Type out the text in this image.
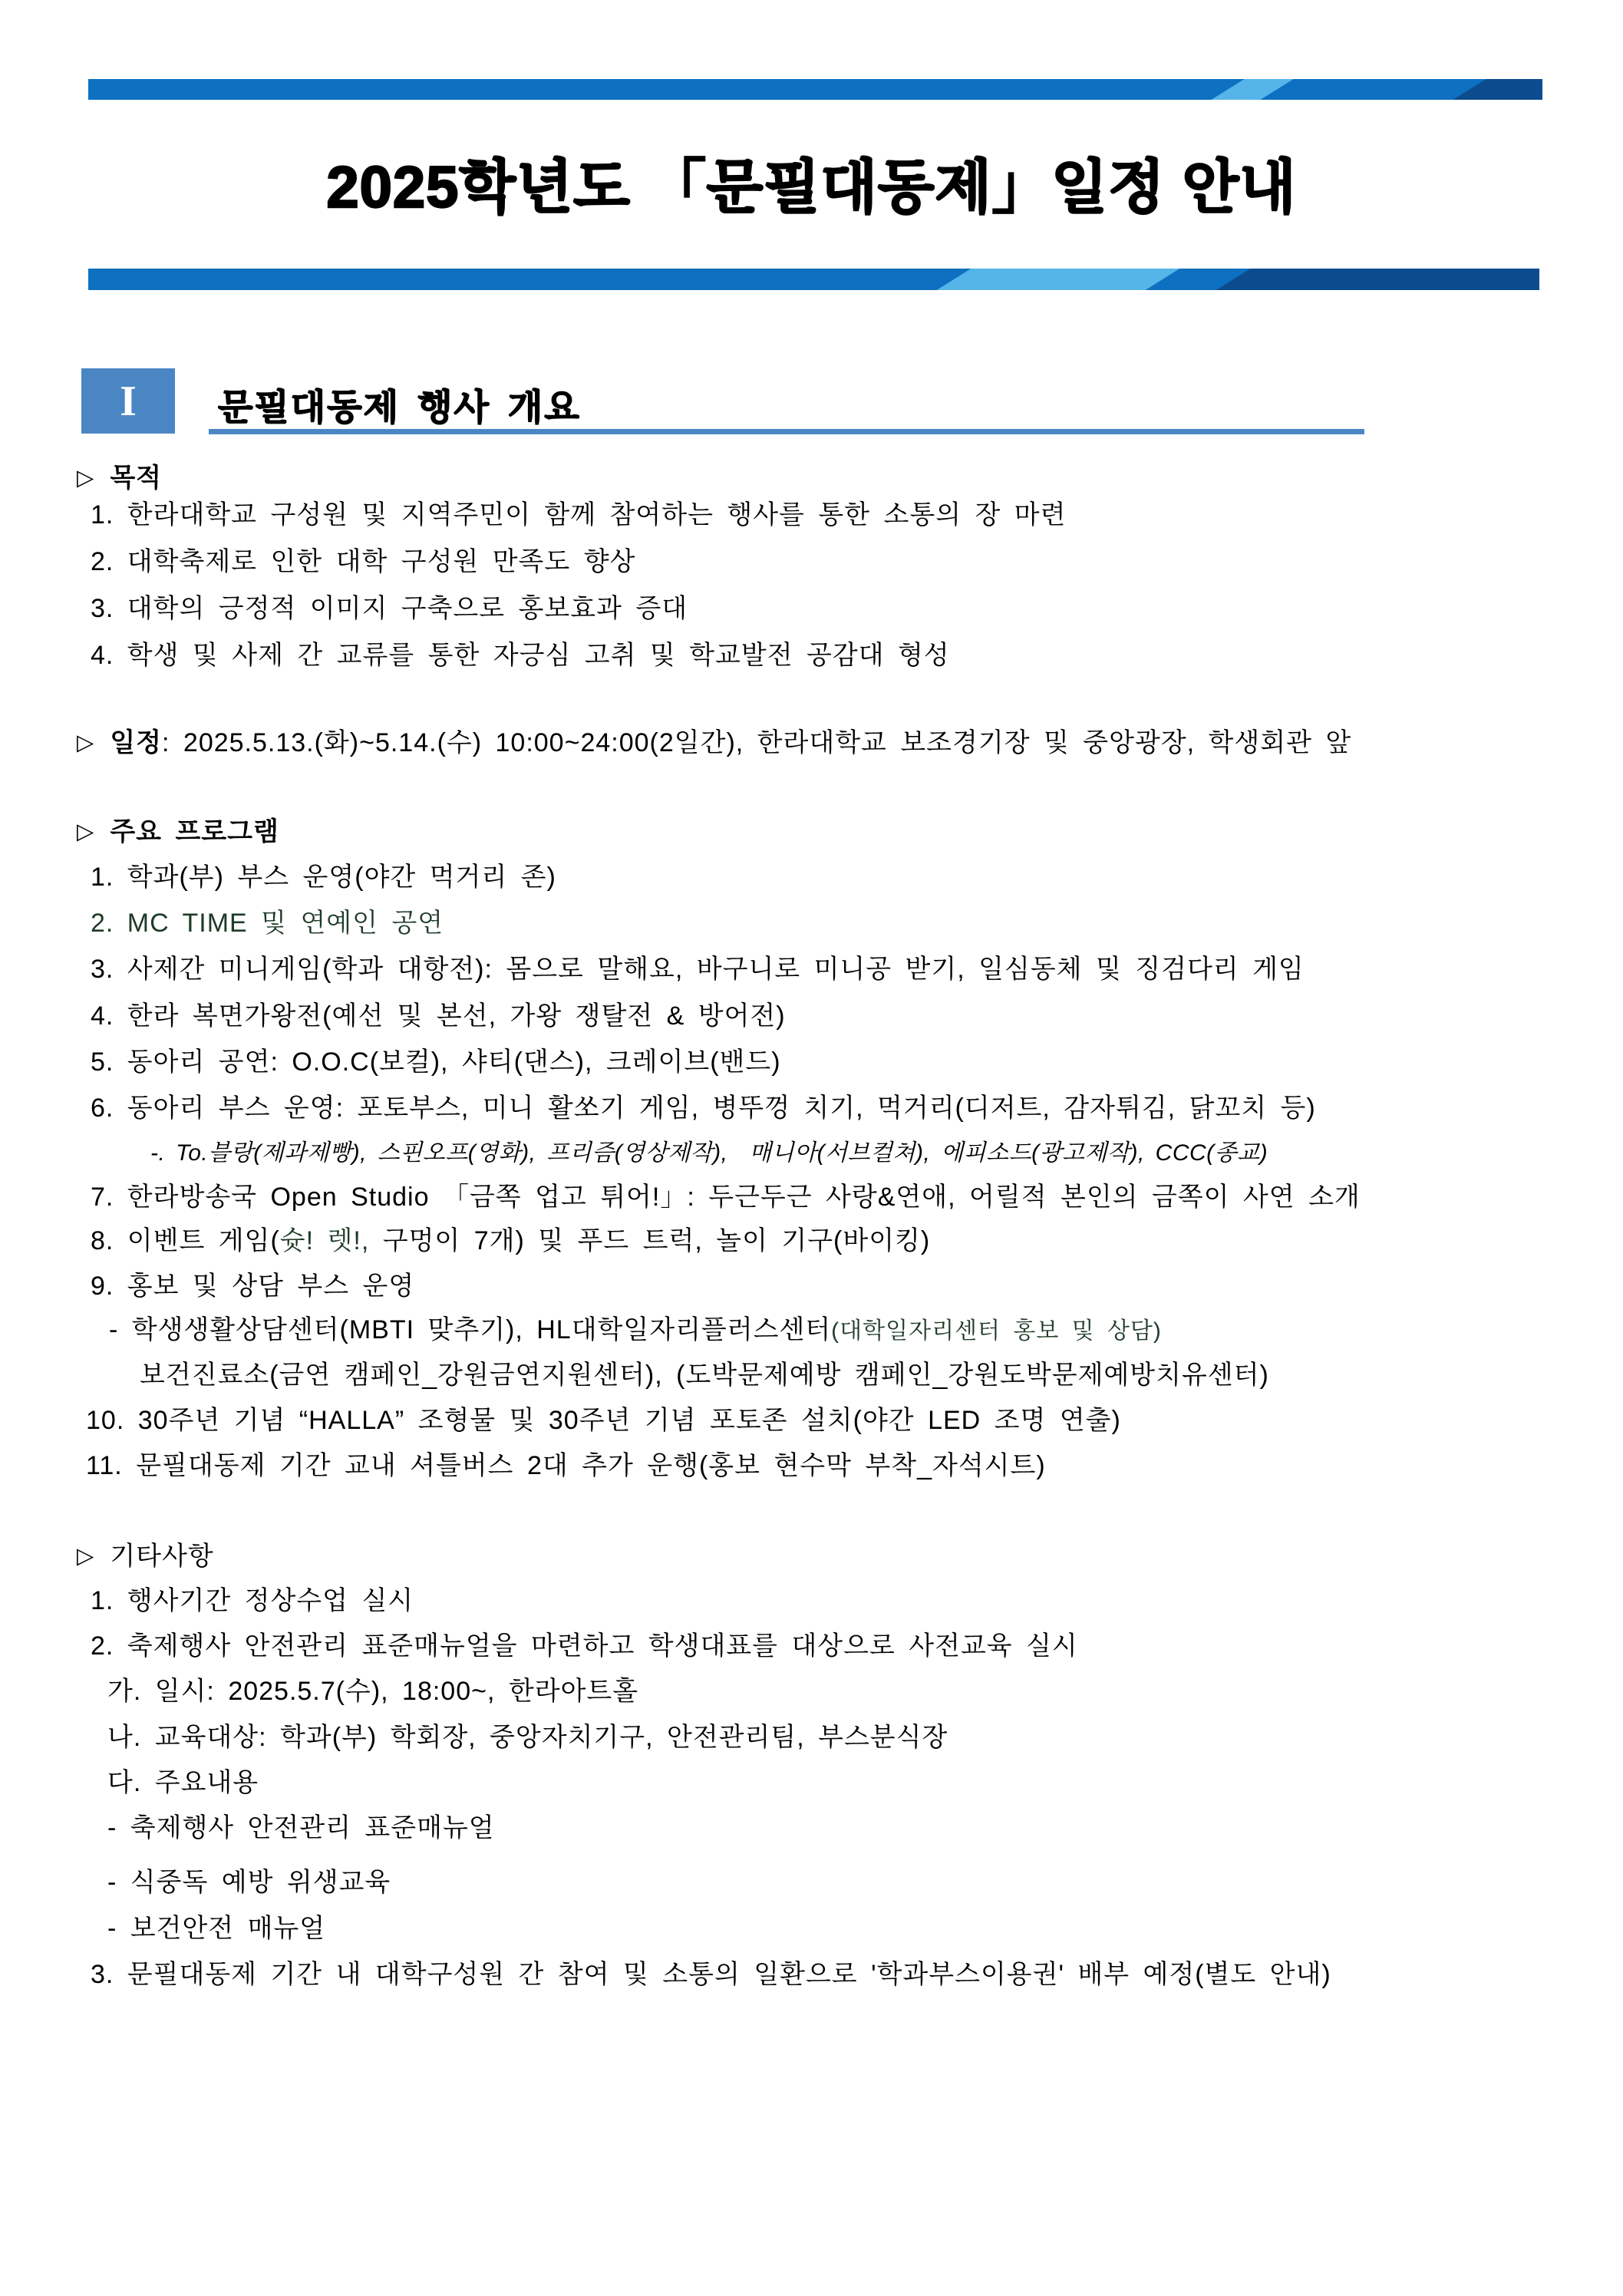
2025학년도 「문필대동제」일정 안내
I	문필대동제 행사 개요
▷ 목적
1. 한라대학교 구성원 및 지역주민이 함께 참여하는 행사를 통한 소통의 장 마련
2. 대학축제로 인한 대학 구성원 만족도 향상
3. 대학의 긍정적 이미지 구축으로 홍보효과 증대
4. 학생 및 사제 간 교류를 통한 자긍심 고취 및 학교발전 공감대 형성
▷ 일정: 2025.5.13.(화)~5.14.(수) 10:00~24:00(2일간), 한라대학교 보조경기장 및 중앙광장, 학생회관 앞
▷ 주요 프로그램
1. 학과(부) 부스 운영(야간 먹거리 존)
2. MC TIME 및 연예인 공연
3. 사제간 미니게임(학과 대항전): 몸으로 말해요, 바구니로 미니공 받기, 일심동체 및 징검다리 게임
4. 한라 복면가왕전(예선 및 본선, 가왕 쟁탈전 & 방어전)
5. 동아리 공연: O.O.C(보컬), 샤티(댄스), 크레이브(밴드)
6. 동아리 부스 운영: 포토부스, 미니 활쏘기 게임, 병뚜껑 치기, 먹거리(디저트, 감자튀김, 닭꼬치 등)
-. To.블랑(제과제빵), 스핀오프(영화), 프리즘(영상제작),  매니아(서브컬쳐), 에피소드(광고제작), CCC(종교)
7. 한라방송국 Open Studio 「금쪽 업고 튀어!」: 두근두근 사랑&연애, 어릴적 본인의 금쪽이 사연 소개
8. 이벤트 게임(슛! 렛!, 구멍이 7개) 및 푸드 트럭, 놀이 기구(바이킹)
9. 홍보 및 상담 부스 운영
- 학생생활상담센터(MBTI 맞추기), HL대학일자리플러스센터(대학일자리센터 홍보 및 상담)
보건진료소(금연 캠페인_강원금연지원센터), (도박문제예방 캠페인_강원도박문제예방치유센터)
10. 30주년 기념 “HALLA” 조형물 및 30주년 기념 포토존 설치(야간 LED 조명 연출)
11. 문필대동제 기간 교내 셔틀버스 2대 추가 운행(홍보 현수막 부착_자석시트)
▷ 기타사항
1. 행사기간 정상수업 실시
2. 축제행사 안전관리 표준매뉴얼을 마련하고 학생대표를 대상으로 사전교육 실시
가. 일시: 2025.5.7(수), 18:00~, 한라아트홀
나. 교육대상: 학과(부) 학회장, 중앙자치기구, 안전관리팀, 부스분식장
다. 주요내용
- 축제행사 안전관리 표준매뉴얼
- 식중독 예방 위생교육
- 보건안전 매뉴얼
3. 문필대동제 기간 내 대학구성원 간 참여 및 소통의 일환으로 '학과부스이용권' 배부 예정(별도 안내)
